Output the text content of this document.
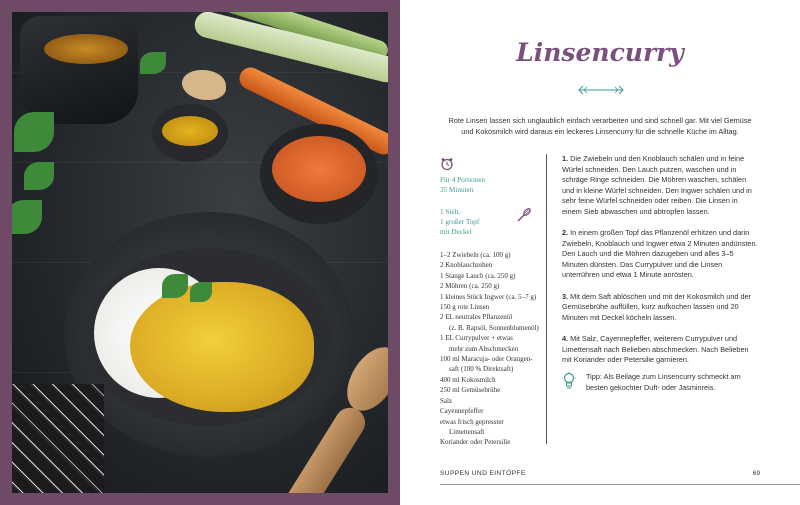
Linsencurry

Rote Linsen lassen sich unglaublich einfach verarbeiten und sind schnell gar. Mit viel Gemüse und Kokosmilch wird daraus ein leckeres Linsencurry für die schnelle Küche im Alltag.

Für 4 Portionen
35 Minuten
1 Sieb,
1 großer Topf
mit Deckel
1–2 Zwiebeln (ca. 100 g)
2 Knoblauchzehen
1 Stange Lauch (ca. 250 g)
2 Möhren (ca. 250 g)
1 kleines Stück Ingwer (ca. 5–7 g)
150 g rote Linsen
2 EL neutrales Pflanzenöl
(z. B. Rapsöl, Sonnenblumenöl)
1 EL Currypulver + etwas
mehr zum Abschmecken
100 ml Maracuja- oder Orangen-
saft (100 % Direktsaft)
400 ml Kokosmilch
250 ml Gemüsebrühe
Salz
Cayennepfeffer
etwas frisch gepresster
Limettensaft
Koriander oder Petersilie

1. Die Zwiebeln und den Knoblauch schälen und in feine Würfel schneiden. Den Lauch putzen, waschen und in schräge Ringe schneiden. Die Möhren waschen, schälen und in kleine Würfel schneiden. Den Ingwer schälen und in sehr feine Würfel schneiden oder reiben. Die Linsen in einem Sieb abwaschen und abtropfen lassen.

2. In einem großen Topf das Pflanzenöl erhitzen und darin Zwiebeln, Knoblauch und Ingwer etwa 2 Minuten andünsten. Den Lauch und die Möhren dazugeben und alles 3–5 Minuten dünsten. Das Currypulver und die Linsen unterrühren und etwa 1 Minute anrösten.

3. Mit dem Saft ablöschen und mit der Kokosmilch und der Gemüsebrühe auffüllen, kurz aufkochen lassen und 20 Minuten mit Deckel köcheln lassen.

4. Mit Salz, Cayennepfeffer, weiterem Currypulver und Limettensaft nach Belieben abschmecken. Nach Belieben mit Koriander oder Petersilie garnieren.

Tipp: Als Beilage zum Linsencurry schmeckt am besten gekochter Duft- oder Jasminreis.

SUPPEN UND EINTÖPFE	69
